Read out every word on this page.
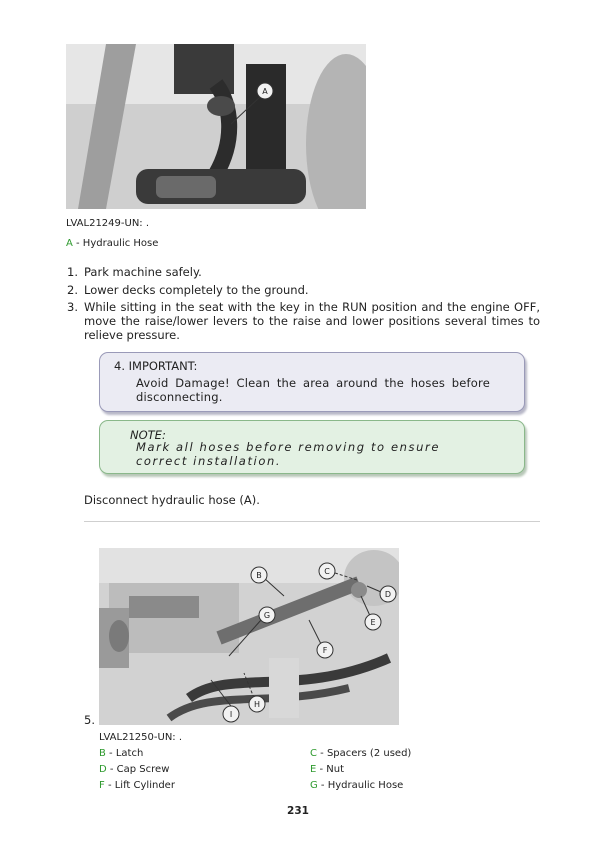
A
LVAL21249-UN: .
A - Hydraulic Hose
1. Park machine safely.
2. Lower decks completely to the ground.
3. While sitting in the seat with the key in the RUN position and the engine OFF, move the raise/lower levers to the raise and lower positions several times to relieve pressure.
4. IMPORTANT:
Avoid Damage! Clean the area around the hoses before disconnecting.
NOTE:
Mark all hoses before removing to ensure correct installation.
Disconnect hydraulic hose (A).
B	C
D
E
F
G
H
I
5.
LVAL21250-UN: .
B - Latch	C - Spacers (2 used)
D - Cap Screw	E - Nut
F - Lift Cylinder	G - Hydraulic Hose
231
